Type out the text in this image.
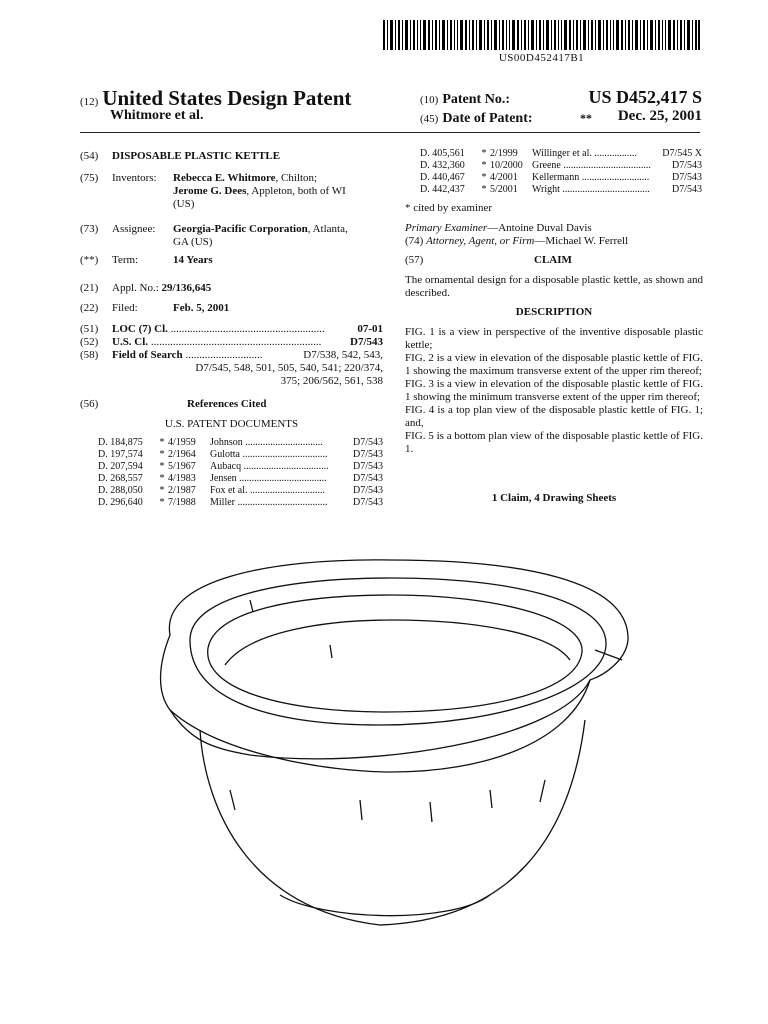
US00D452417B1
(12) United States Design Patent
Whitmore et al.
(10) Patent No.:	US D452,417 S
(45) Date of Patent:	** Dec. 25, 2001
(54) DISPOSABLE PLASTIC KETTLE
(75) Inventors:	Rebecca E. Whitmore, Chilton;
Jerome G. Dees, Appleton, both of WI
(US)
(73) Assignee: Georgia-Pacific Corporation, Atlanta,
GA (US)
(**) Term:	14 Years
(21) Appl. No.: 29/136,645
(22) Filed:	Feb. 5, 2001
(51) LOC (7) Cl. ........................................................	07-01
(52) U.S. Cl. ..............................................................	D7/543
(58) Field of Search ............................	D7/538, 542, 543,
D7/545, 548, 501, 505, 540, 541; 220/374,
375; 206/562, 561, 538
(56)	References Cited
U.S. PATENT DOCUMENTS
D. 184,875	*	4/1959	Johnson ...............................	D7/543
D. 197,574	*	2/1964	Gulotta ..................................	D7/543
D. 207,594	*	5/1967	Aubacq ..................................	D7/543
D. 268,557	*	4/1983	Jensen ...................................	D7/543
D. 288,050	*	2/1987	Fox et al. ..............................	D7/543
D. 296,640	*	7/1988	Miller ....................................	D7/543
D. 405,561	*	2/1999	Willinger et al. .................	D7/545 X
D. 432,360	*	10/2000	Greene ...................................	D7/543
D. 440,467	*	4/2001	Kellermann ...........................	D7/543
D. 442,437	*	5/2001	Wright ...................................	D7/543
* cited by examiner
Primary Examiner—Antoine Duval Davis
(74) Attorney, Agent, or Firm—Michael W. Ferrell
(57)	CLAIM
The ornamental design for a disposable plastic kettle, as shown and described.
DESCRIPTION
FIG. 1 is a view in perspective of the inventive disposable plastic kettle;
FIG. 2 is a view in elevation of the disposable plastic kettle of FIG. 1 showing the maximum transverse extent of the upper rim thereof;
FIG. 3 is a view in elevation of the disposable plastic kettle of FIG. 1 showing the minimum transverse extent of the upper rim thereof;
FIG. 4 is a top plan view of the disposable plastic kettle of FIG. 1; and,
FIG. 5 is a bottom plan view of the disposable plastic kettle of FIG. 1.
1 Claim, 4 Drawing Sheets
